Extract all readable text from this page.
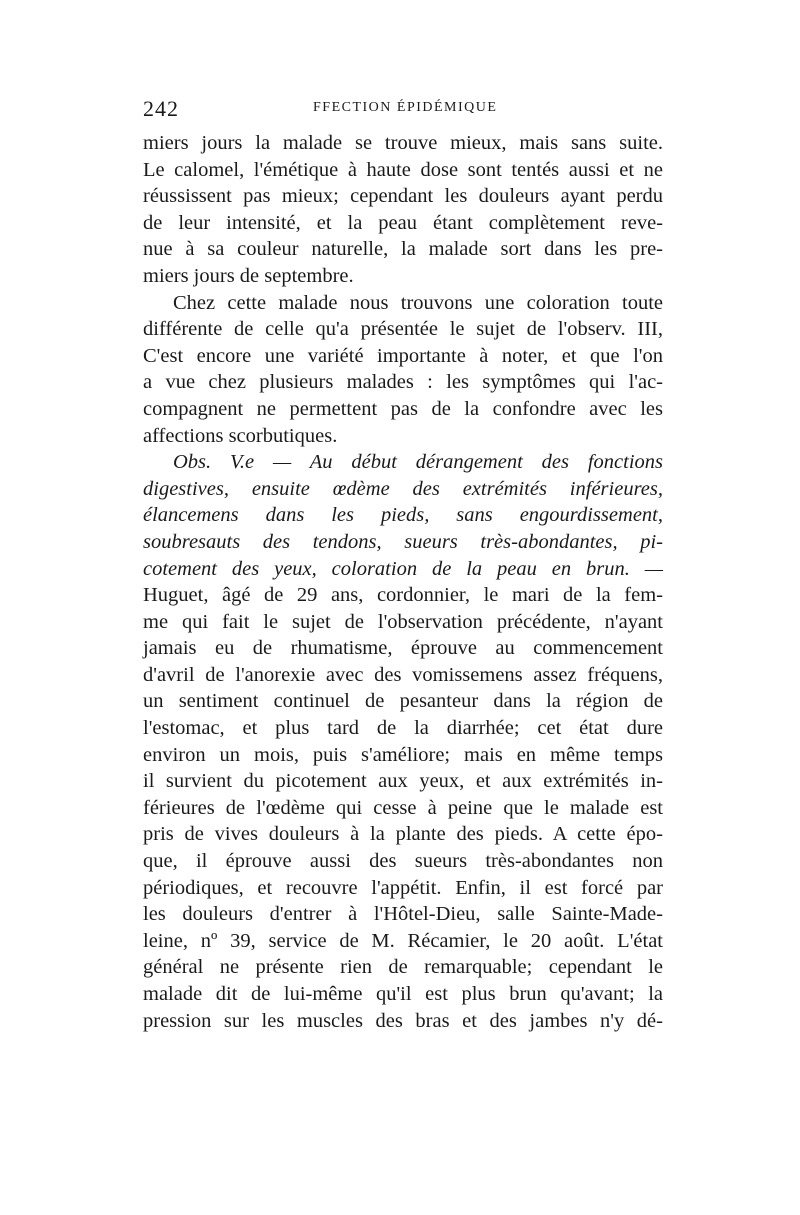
242	FFECTION ÉPIDÉMIQUE
miers jours la malade se trouve mieux, mais sans suite.
Le calomel, l'émétique à haute dose sont tentés aussi et ne
réussissent pas mieux; cependant les douleurs ayant perdu
de leur intensité, et la peau étant complètement reve-
nue à sa couleur naturelle, la malade sort dans les pre-
miers jours de septembre.
Chez cette malade nous trouvons une coloration toute
différente de celle qu'a présentée le sujet de l'observ. III,
C'est encore une variété importante à noter, et que l'on
a vue chez plusieurs malades : les symptômes qui l'ac-
compagnent ne permettent pas de la confondre avec les
affections scorbutiques.
Obs. V.e — Au début dérangement des fonctions
digestives, ensuite œdème des extrémités inférieures,
élancemens dans les pieds, sans engourdissement,
soubresauts des tendons, sueurs très-abondantes, pi-
cotement des yeux, coloration de la peau en brun. —
Huguet, âgé de 29 ans, cordonnier, le mari de la fem-
me qui fait le sujet de l'observation précédente, n'ayant
jamais eu de rhumatisme, éprouve au commencement
d'avril de l'anorexie avec des vomissemens assez fréquens,
un sentiment continuel de pesanteur dans la région de
l'estomac, et plus tard de la diarrhée; cet état dure
environ un mois, puis s'améliore; mais en même temps
il survient du picotement aux yeux, et aux extrémités in-
férieures de l'œdème qui cesse à peine que le malade est
pris de vives douleurs à la plante des pieds. A cette épo-
que, il éprouve aussi des sueurs très-abondantes non
périodiques, et recouvre l'appétit. Enfin, il est forcé par
les douleurs d'entrer à l'Hôtel-Dieu, salle Sainte-Made-
leine, nº 39, service de M. Récamier, le 20 août. L'état
général ne présente rien de remarquable; cependant le
malade dit de lui-même qu'il est plus brun qu'avant; la
pression sur les muscles des bras et des jambes n'y dé-
